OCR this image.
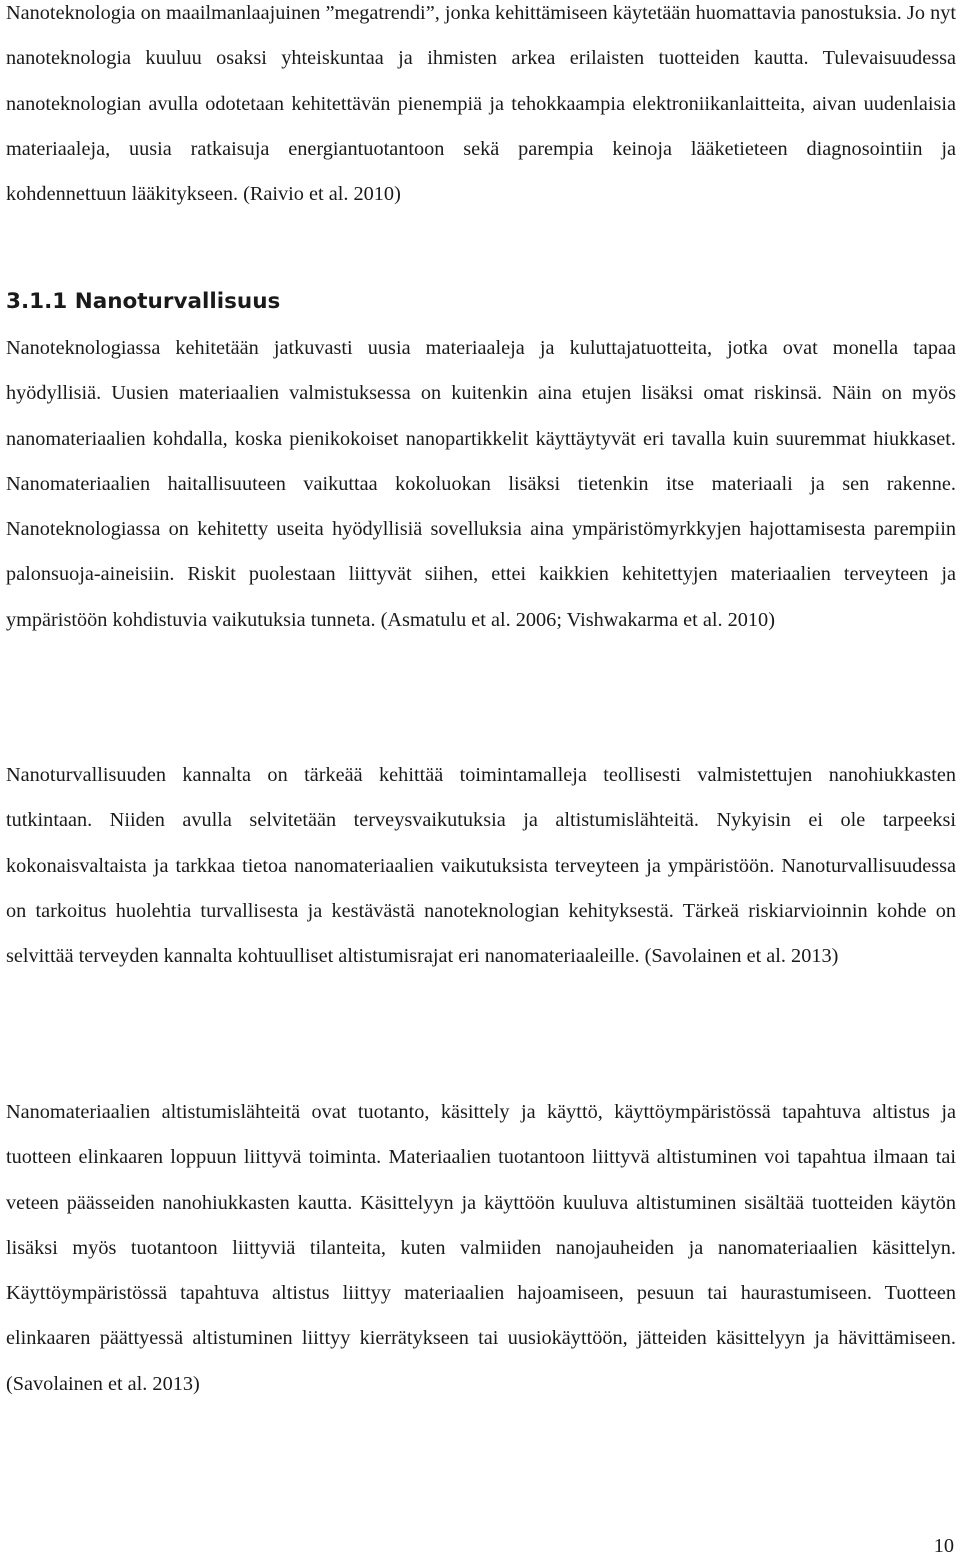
Nanoteknologia on maailmanlaajuinen ”megatrendi”, jonka kehittämiseen käytetään huomattavia panostuksia. Jo nyt nanoteknologia kuuluu osaksi yhteiskuntaa ja ihmisten arkea erilaisten tuotteiden kautta. Tulevaisuudessa nanoteknologian avulla odotetaan kehitettävän pienempiä ja tehokkaampia elektroniikanlaitteita, aivan uudenlaisia materiaaleja, uusia ratkaisuja energiantuotantoon sekä parempia keinoja lääketieteen diagnosointiin ja kohdennettuun lääkitykseen. (Raivio et al. 2010)

3.1.1 Nanoturvallisuus

Nanoteknologiassa kehitetään jatkuvasti uusia materiaaleja ja kuluttajatuotteita, jotka ovat monella tapaa hyödyllisiä. Uusien materiaalien valmistuksessa on kuitenkin aina etujen lisäksi omat riskinsä. Näin on myös nanomateriaalien kohdalla, koska pienikokoiset nanopartikkelit käyttäytyvät eri tavalla kuin suuremmat hiukkaset. Nanomateriaalien haitallisuuteen vaikuttaa kokoluokan lisäksi tietenkin itse materiaali ja sen rakenne. Nanoteknologiassa on kehitetty useita hyödyllisiä sovelluksia aina ympäristömyrkkyjen hajottamisesta parempiin palonsuoja-aineisiin. Riskit puolestaan liittyvät siihen, ettei kaikkien kehitettyjen materiaalien terveyteen ja ympäristöön kohdistuvia vaikutuksia tunneta. (Asmatulu et al. 2006; Vishwakarma et al. 2010)

Nanoturvallisuuden kannalta on tärkeää kehittää toimintamalleja teollisesti valmistettujen nanohiukkasten tutkintaan. Niiden avulla selvitetään terveysvaikutuksia ja altistumislähteitä. Nykyisin ei ole tarpeeksi kokonaisvaltaista ja tarkkaa tietoa nanomateriaalien vaikutuksista terveyteen ja ympäristöön. Nanoturvallisuudessa on tarkoitus huolehtia turvallisesta ja kestävästä nanoteknologian kehityksestä. Tärkeä riskiarvioinnin kohde on selvittää terveyden kannalta kohtuulliset altistumisrajat eri nanomateriaaleille. (Savolainen et al. 2013)

Nanomateriaalien altistumislähteitä ovat tuotanto, käsittely ja käyttö, käyttöympäristössä tapahtuva altistus ja tuotteen elinkaaren loppuun liittyvä toiminta. Materiaalien tuotantoon liittyvä altistuminen voi tapahtua ilmaan tai veteen päässeiden nanohiukkasten kautta. Käsittelyyn ja käyttöön kuuluva altistuminen sisältää tuotteiden käytön lisäksi myös tuotantoon liittyviä tilanteita, kuten valmiiden nanojauheiden ja nanomateriaalien käsittelyn. Käyttöympäristössä tapahtuva altistus liittyy materiaalien hajoamiseen, pesuun tai haurastumiseen. Tuotteen elinkaaren päättyessä altistuminen liittyy kierrätykseen tai uusiokäyttöön, jätteiden käsittelyyn ja hävittämiseen. (Savolainen et al. 2013)

10
